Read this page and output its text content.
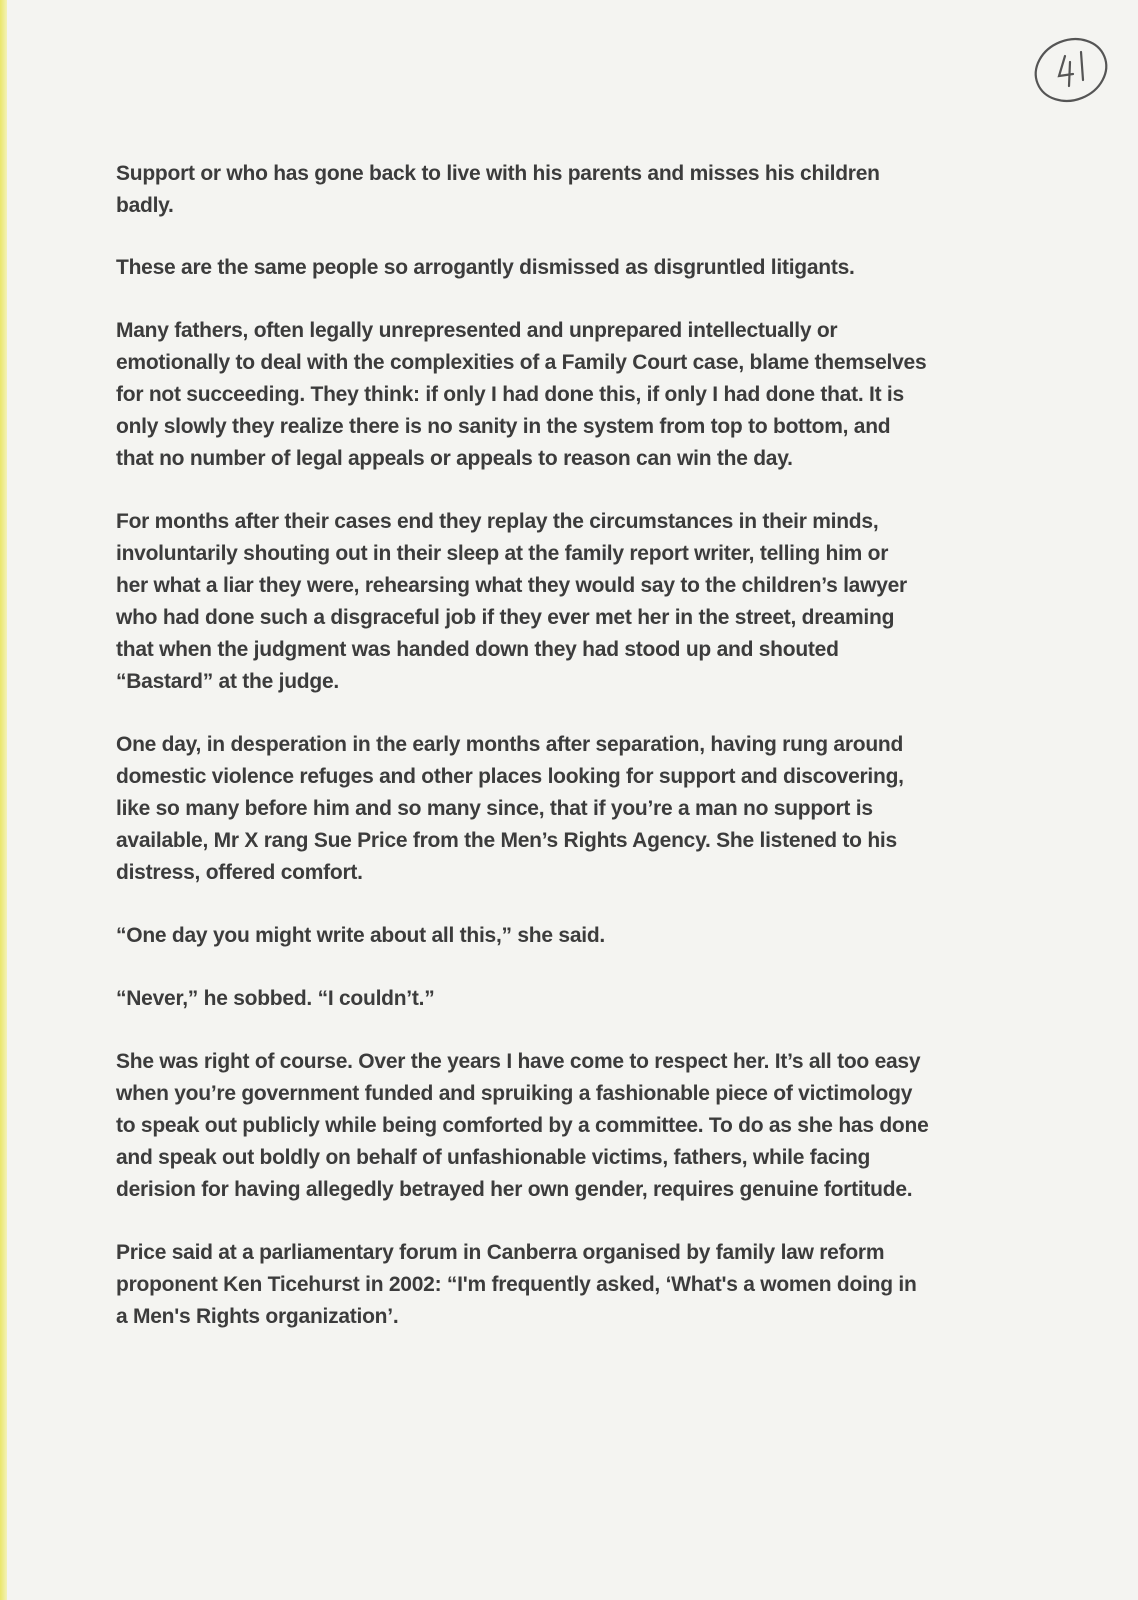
Support or who has gone back to live with his parents and misses his children
badly.

These are the same people so arrogantly dismissed as disgruntled litigants.

Many fathers, often legally unrepresented and unprepared intellectually or
emotionally to deal with the complexities of a Family Court case, blame themselves
for not succeeding. They think: if only I had done this, if only I had done that. It is
only slowly they realize there is no sanity in the system from top to bottom, and
that no number of legal appeals or appeals to reason can win the day.

For months after their cases end they replay the circumstances in their minds,
involuntarily shouting out in their sleep at the family report writer, telling him or
her what a liar they were, rehearsing what they would say to the children’s lawyer
who had done such a disgraceful job if they ever met her in the street, dreaming
that when the judgment was handed down they had stood up and shouted
“Bastard” at the judge.

One day, in desperation in the early months after separation, having rung around
domestic violence refuges and other places looking for support and discovering,
like so many before him and so many since, that if you’re a man no support is
available, Mr X rang Sue Price from the Men’s Rights Agency. She listened to his
distress, offered comfort.

“One day you might write about all this,” she said.

“Never,” he sobbed. “I couldn’t.”

She was right of course. Over the years I have come to respect her. It’s all too easy
when you’re government funded and spruiking a fashionable piece of victimology
to speak out publicly while being comforted by a committee. To do as she has done
and speak out boldly on behalf of unfashionable victims, fathers, while facing
derision for having allegedly betrayed her own gender, requires genuine fortitude.

Price said at a parliamentary forum in Canberra organised by family law reform
proponent Ken Ticehurst in 2002: “I'm frequently asked, ‘What's a women doing in
a Men's Rights organization’.
